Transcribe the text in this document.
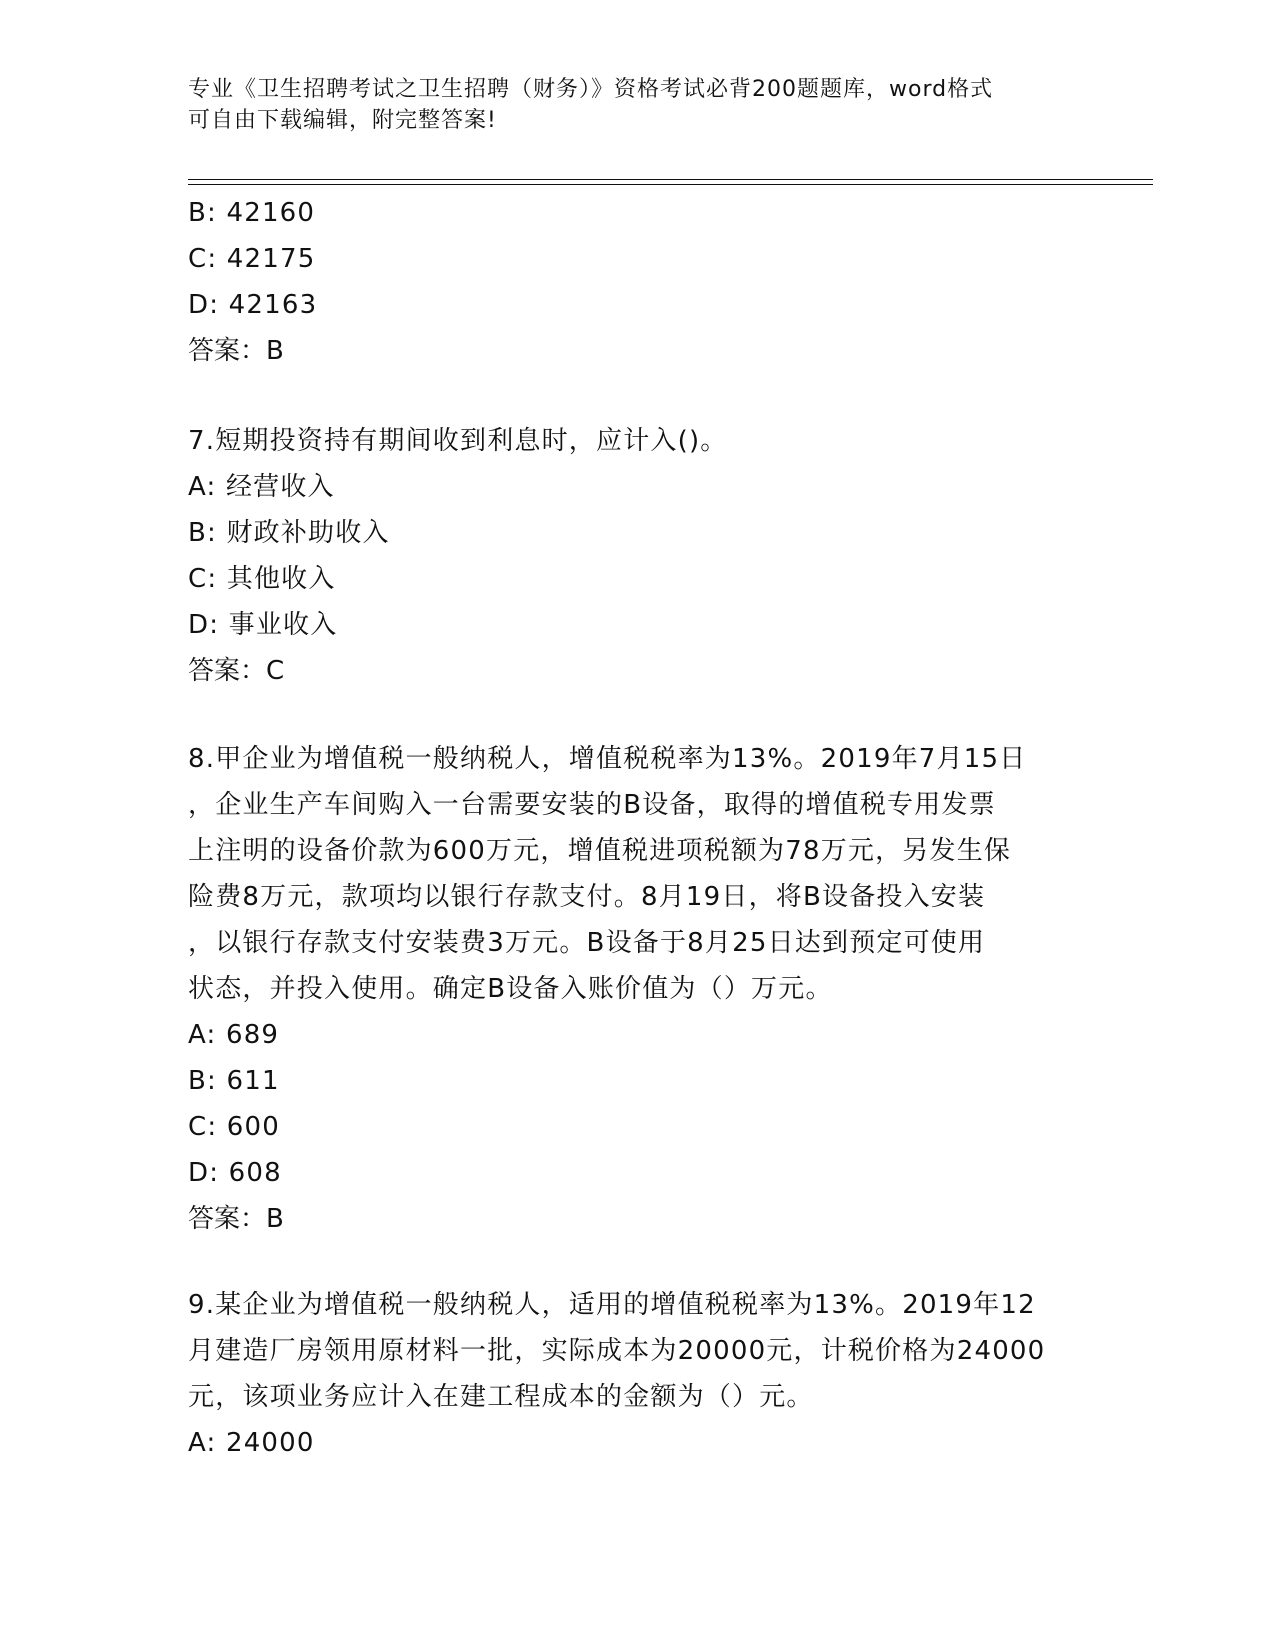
专业《卫生招聘考试之卫生招聘（财务）》资格考试必背200题题库，word格式
可自由下载编辑，附完整答案!
B: 42160
C: 42175
D: 42163
答案：B
7.短期投资持有期间收到利息时，应计入()。
A: 经营收入
B: 财政补助收入
C: 其他收入
D: 事业收入
答案：C
8.甲企业为增值税一般纳税人，增值税税率为13%。2019年7月15日
，企业生产车间购入一台需要安装的B设备，取得的增值税专用发票
上注明的设备价款为600万元，增值税进项税额为78万元，另发生保
险费8万元，款项均以银行存款支付。8月19日，将B设备投入安装
，以银行存款支付安装费3万元。B设备于8月25日达到预定可使用
状态，并投入使用。确定B设备入账价值为（）万元。
A: 689
B: 611
C: 600
D: 608
答案：B
9.某企业为增值税一般纳税人，适用的增值税税率为13%。2019年12
月建造厂房领用原材料一批，实际成本为20000元，计税价格为24000
元，该项业务应计入在建工程成本的金额为（）元。
A: 24000
